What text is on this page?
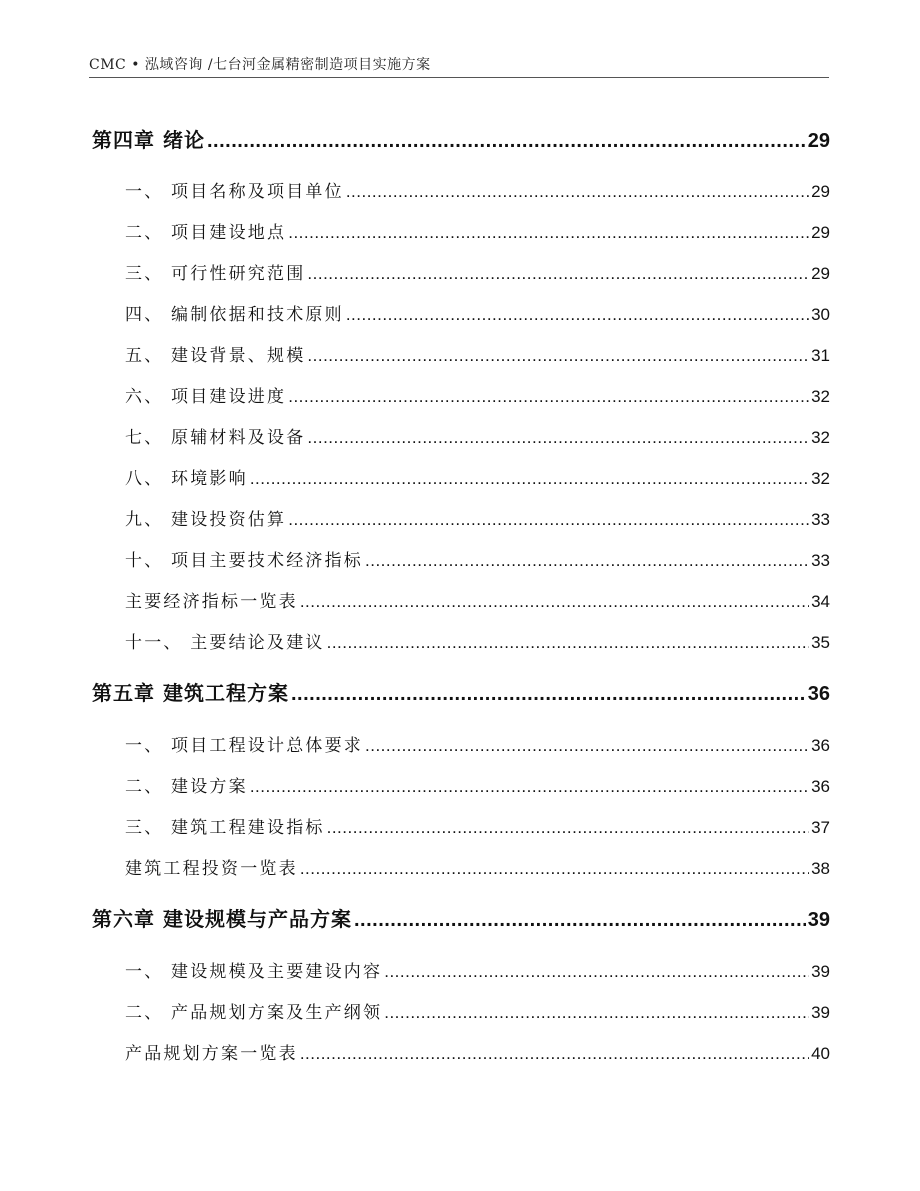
CMC • 泓域咨询 /七台河金属精密制造项目实施方案
第四章 绪论 .....	29
一、 项目名称及项目单位 .....	29
二、 项目建设地点 .....	29
三、 可行性研究范围 .....	29
四、 编制依据和技术原则 .....	30
五、 建设背景、规模 .....	31
六、 项目建设进度 .....	32
七、 原辅材料及设备 .....	32
八、 环境影响 .....	32
九、 建设投资估算 .....	33
十、 项目主要技术经济指标 .....	33
主要经济指标一览表 .....	34
十一、 主要结论及建议 .....	35
第五章 建筑工程方案 .....	36
一、 项目工程设计总体要求 .....	36
二、 建设方案 .....	36
三、 建筑工程建设指标 .....	37
建筑工程投资一览表 .....	38
第六章 建设规模与产品方案 .....	39
一、 建设规模及主要建设内容 .....	39
二、 产品规划方案及生产纲领 .....	39
产品规划方案一览表 .....	40
